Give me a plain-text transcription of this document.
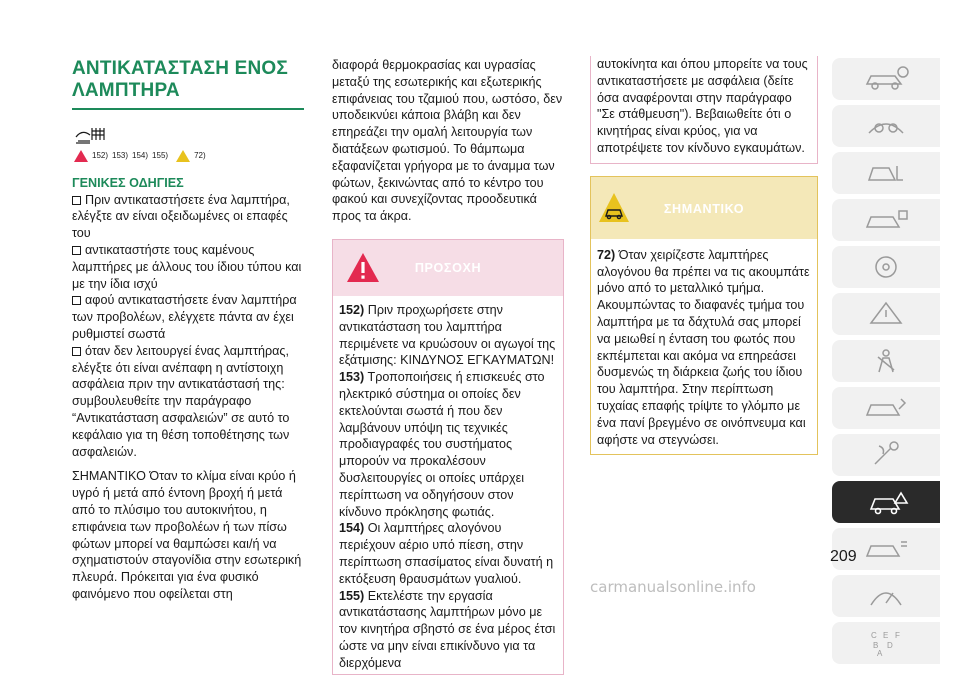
ΑΝΤΙΚΑΤΑΣΤΑΣΗ ΕΝΟΣ
ΛΑΜΠΤΗΡΑ
152) 153) 154) 155)	72)
ΓΕΝΙΚΕΣ ΟΔΗΓΙΕΣ
Πριν αντικαταστήσετε ένα λαμπτήρα, ελέγξτε αν είναι οξειδωμένες οι επαφές του
αντικαταστήστε τους καμένους λαμπτήρες με άλλους του ίδιου τύπου και με την ίδια ισχύ
αφού αντικαταστήσετε έναν λαμπτήρα των προβολέων, ελέγχετε πάντα αν έχει ρυθμιστεί σωστά
όταν δεν λειτουργεί ένας λαμπτήρας, ελέγξτε ότι είναι ανέπαφη η αντίστοιχη ασφάλεια πριν την αντικατάστασή της: συμβουλευθείτε την παράγραφο “Αντικατάσταση ασφαλειών” σε αυτό το κεφάλαιο για τη θέση τοποθέτησης των ασφαλειών.

ΣΗΜΑΝΤΙΚΟ Όταν το κλίμα είναι κρύο ή υγρό ή μετά από έντονη βροχή ή μετά από το πλύσιμο του αυτοκινήτου, η επιφάνεια των προβολέων ή των πίσω φώτων μπορεί να θαμπώσει και/ή να σχηματιστούν σταγονίδια στην εσωτερική πλευρά. Πρόκειται για ένα φυσικό φαινόμενο που οφείλεται στη

διαφορά θερμοκρασίας και υγρασίας μεταξύ της εσωτερικής και εξωτερικής επιφάνειας του τζαμιού που, ωστόσο, δεν υποδεικνύει κάποια βλάβη και δεν επηρεάζει την ομαλή λειτουργία των διατάξεων φωτισμού. Το θάμπωμα εξαφανίζεται γρήγορα με το άναμμα των φώτων, ξεκινώντας από το κέντρο του φακού και συνεχίζοντας προοδευτικά προς τα άκρα.

ΠΡΟΣΟΧΗ
152) Πριν προχωρήσετε στην αντικατάσταση του λαμπτήρα περιμένετε να κρυώσουν οι αγωγοί της εξάτμισης: ΚΙΝΔΥΝΟΣ ΕΓΚΑΥΜΑΤΩΝ!
153) Τροποποιήσεις ή επισκευές στο ηλεκτρικό σύστημα οι οποίες δεν εκτελούνται σωστά ή που δεν λαμβάνουν υπόψη τις τεχνικές προδιαγραφές του συστήματος μπορούν να προκαλέσουν δυσλειτουργίες οι οποίες υπάρχει περίπτωση να οδηγήσουν στον κίνδυνο πρόκλησης φωτιάς.
154) Οι λαμπτήρες αλογόνου περιέχουν αέριο υπό πίεση, στην περίπτωση σπασίματος είναι δυνατή η εκτόξευση θραυσμάτων γυαλιού.
155) Εκτελέστε την εργασία αντικατάστασης λαμπτήρων μόνο με τον κινητήρα σβηστό σε ένα μέρος έτσι ώστε να μην είναι επικίνδυνο για τα διερχόμενα
αυτοκίνητα και όπου μπορείτε να τους αντικαταστήσετε με ασφάλεια (δείτε όσα αναφέρονται στην παράγραφο "Σε στάθμευση"). Βεβαιωθείτε ότι ο κινητήρας είναι κρύος, για να αποτρέψετε τον κίνδυνο εγκαυμάτων.
ΣΗΜΑΝΤΙΚΟ
72) Όταν χειρίζεστε λαμπτήρες αλογόνου θα πρέπει να τις ακουμπάτε μόνο από το μεταλλικό τμήμα. Ακουμπώντας το διαφανές τμήμα του λαμπτήρα με τα δάχτυλά σας μπορεί να μειωθεί η ένταση του φωτός που εκπέμπεται και ακόμα να επηρεάσει δυσμενώς τη διάρκεια ζωής του ίδιου του λαμπτήρα. Στην περίπτωση τυχαίας επαφής τρίψτε το γλόμπο με ένα πανί βρεγμένο σε οινόπνευμα και αφήστε να στεγνώσει.
C E F
B D
A
209
carmanualsonline.info
